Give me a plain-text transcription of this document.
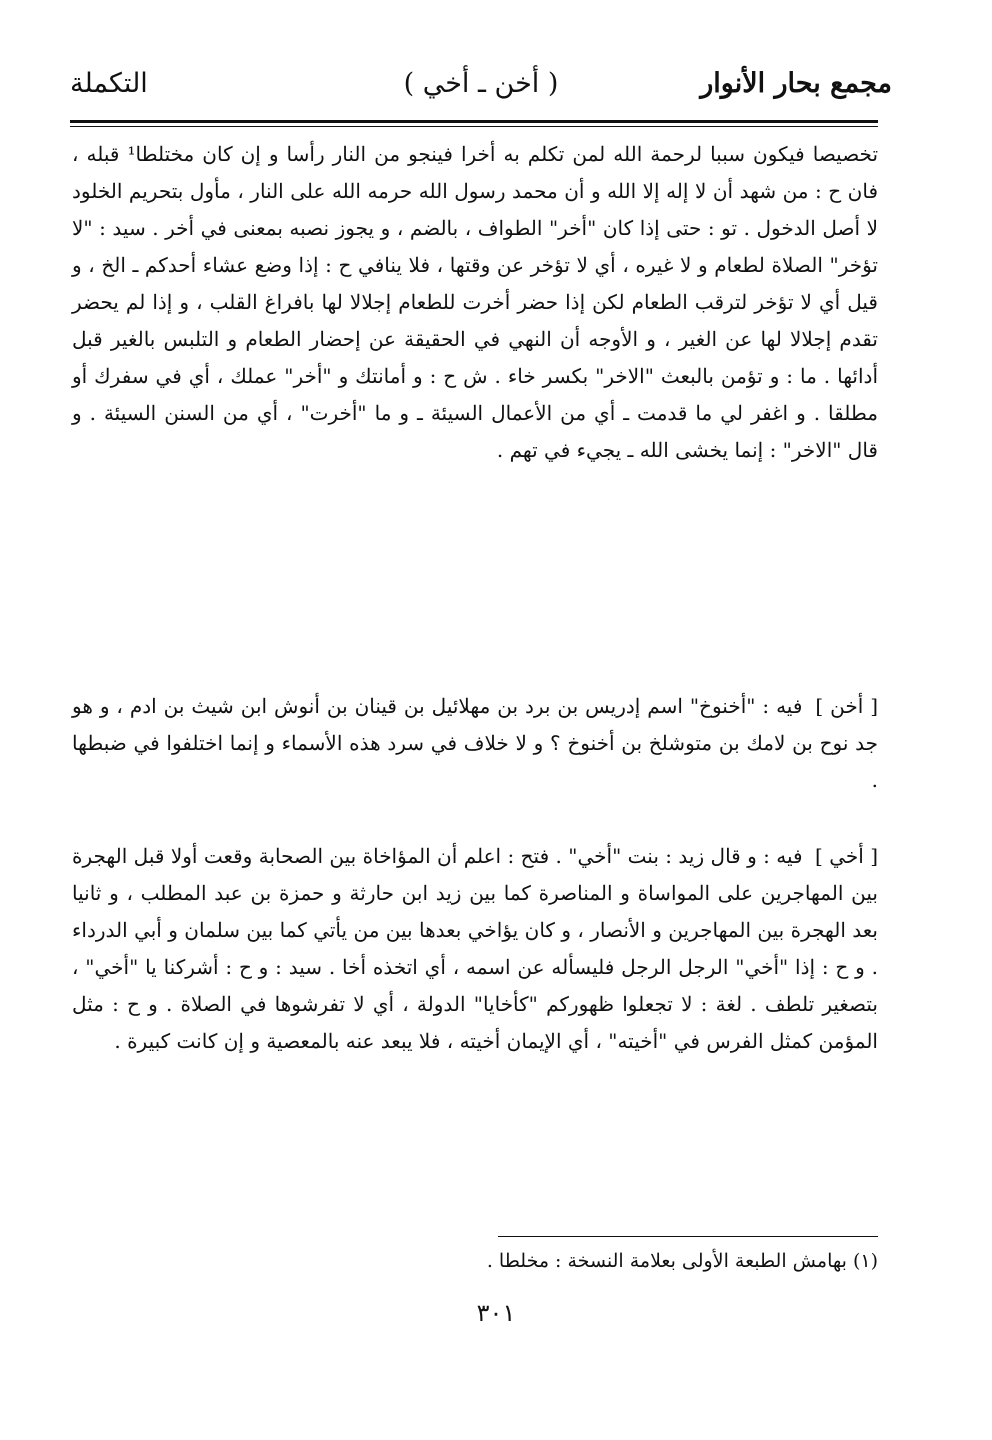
مجمع بحار الأنوار
( أخن ـ أخي )
التكملة

تخصيصا فيكون سببا لرحمة الله لمن تكلم به أخرا فينجو من النار رأسا و إن كان مختلطا¹ قبله ، فان ح : من شهد أن لا إله إلا الله و أن محمد رسول الله حرمه الله على النار ، مأول بتحريم الخلود لا أصل الدخول . تو : حتى إذا كان "أخر" الطواف ، بالضم ، و يجوز نصبه بمعنى في أخر . سيد : "لا تؤخر" الصلاة لطعام و لا غيره ، أي لا تؤخر عن وقتها ، فلا ينافي ح : إذا وضع عشاء أحدكم ـ الخ ، و قيل أي لا تؤخر لترقب الطعام لكن إذا حضر أخرت للطعام إجلالا لها بافراغ القلب ، و إذا لم يحضر تقدم إجلالا لها عن الغير ، و الأوجه أن النهي في الحقيقة عن إحضار الطعام و التلبس بالغير قبل أدائها . ما : و تؤمن بالبعث "الاخر" بكسر خاء . ش ح : و أمانتك و "أخر" عملك ، أي في سفرك أو مطلقا . و اغفر لي ما قدمت ـ أي من الأعمال السيئة ـ و ما "أخرت" ، أي من السنن السيئة . و قال "الاخر" : إنما يخشى الله ـ يجيء في تهم .

[ أخن ] فيه : "أخنوخ" اسم إدريس بن برد بن مهلائيل بن قينان بن أنوش ابن شيث بن ادم ، و هو جد نوح بن لامك بن متوشلخ بن أخنوخ ؟ و لا خلاف في سرد هذه الأسماء و إنما اختلفوا في ضبطها .

[ أخي ] فيه : و قال زيد : بنت "أخي" . فتح : اعلم أن المؤاخاة بين الصحابة وقعت أولا قبل الهجرة بين المهاجرين على المواساة و المناصرة كما بين زيد ابن حارثة و حمزة بن عبد المطلب ، و ثانيا بعد الهجرة بين المهاجرين و الأنصار ، و كان يؤاخي بعدها بين من يأتي كما بين سلمان و أبي الدرداء . و ح : إذا "أخي" الرجل الرجل فليسأله عن اسمه ، أي اتخذه أخا . سيد : و ح : أشركنا يا "أخي" ، بتصغير تلطف . لغة : لا تجعلوا ظهوركم "كأخايا" الدولة ، أي لا تفرشوها في الصلاة . و ح : مثل المؤمن كمثل الفرس في "أخيته" ، أي الإيمان أخيته ، فلا يبعد عنه بالمعصية و إن كانت كبيرة .

(١) بهامش الطبعة الأولى بعلامة النسخة : مخلطا .
٣٠١
